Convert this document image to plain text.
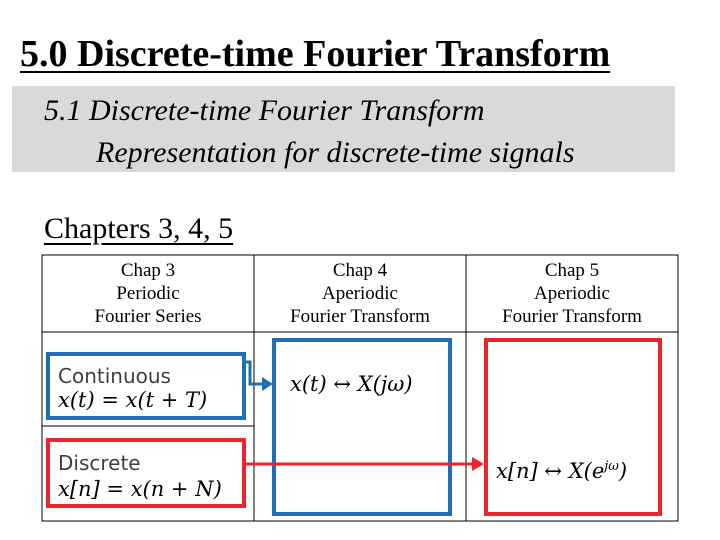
5.0 Discrete-time Fourier Transform
5.1 Discrete-time Fourier Transform
Representation for discrete-time signals
Chapters 3, 4, 5
Chap 3
Periodic
Fourier Series
Chap 4
Aperiodic
Fourier Transform
Chap 5
Aperiodic
Fourier Transform
Continuous
x(t) = x(t + T)
Discrete
x[n] = x(n + N)
x(t) ↔ X(jω)
x[n] ↔ $X(e^{j\omega})$
